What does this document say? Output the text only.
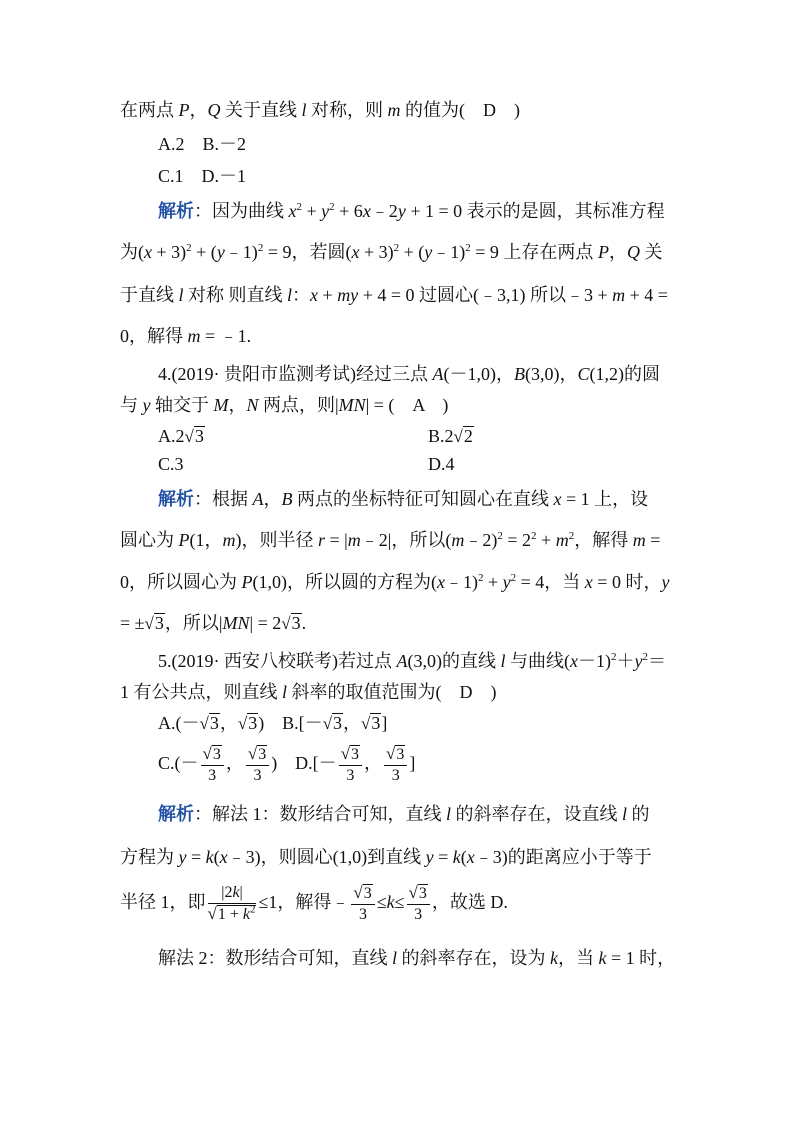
在两点 P，Q 关于直线 l 对称，则 m 的值为(　D　)
A.2　B.－2
C.1　D.－1
解析：因为曲线 $x^2 + y^2$ + 6x﹣2y + 1 = 0 表示的是圆，其标准方程
为$(x + 3)^2$ + (y﹣1)$^2$ = 9，若圆$(x + 3)^2$ + (y﹣1)$^2$ = 9 上存在两点 P，Q 关
于直线 l 对称 则直线 l：x + my + 4 = 0 过圆心(﹣3,1) 所以﹣3 + m + 4 =
0，解得 m = ﹣1.
4.(2019· 贵阳市监测考试)经过三点 A(－1,0)，B(3,0)，C(1,2)的圆
与 y 轴交于 M，N 两点，则|MN| = (　A　)
A.2√3	B.2√2
C.3	D.4
解析：根据 A，B 两点的坐标特征可知圆心在直线 x = 1 上，设
圆心为 P(1，m)，则半径 r = |m﹣2|，所以(m﹣2)$^2$ = $2^2 + m^2$，解得 m =
0，所以圆心为 P(1,0)，所以圆的方程为(x﹣1)$^2$ + $y^2 = 4$，当 x = 0 时，y
= ±√3，所以|MN| = 2√3.
5.(2019· 西安八校联考)若过点 A(3,0)的直线 l 与曲线$(x-1)^2+y^2=$
1 有公共点，则直线 l 斜率的取值范围为(　D　)
A.(－√3，√3)　B.[－√3，√3]
$C.(- \frac{√3}{3}$ ， $\frac{√3}{3}$ )　$D.[- \frac{√3}{3}$ ， $\frac{√3}{3}$ ]
解析：解法 1：数形结合可知，直线 l 的斜率存在，设直线 l 的
方程为 y = k(x﹣3)，则圆心(1,0)到直线 y = k(x﹣3)的距离应小于等于
半径 1，即 $\frac{|2k|}{√1 + k^2} \le 1$，解得﹣ $\frac{√3}{3} \le k\le \frac{√3}{3}$ ，故选 D.
解法 2：数形结合可知，直线 l 的斜率存在，设为 k，当 k = 1 时，
